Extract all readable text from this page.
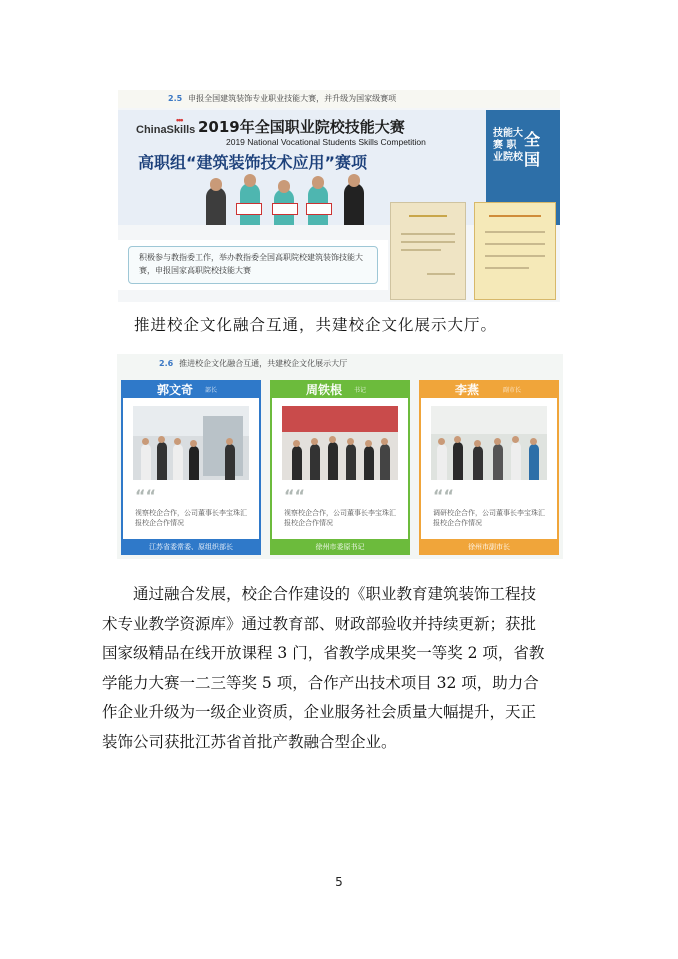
2.5 申报全国建筑装饰专业职业技能大赛，并升级为国家级赛项
•••
ChinaSkills 2019年全国职业院校技能大赛
2019 National Vocational Students Skills Competition
高职组“建筑装饰技术应用”赛项
技能大赛 职业院校
全国
积极参与教指委工作，举办教指委全国高职院校建筑装饰技能大赛，申报国家高职院校技能大赛
推进校企文化融合互通，共建校企文化展示大厅。
2.6 推进校企文化融合互通，共建校企文化展示大厅
郭文奇 部长
““
视察校企合作，公司董事长李宝珠汇报校企合作情况
江苏省委常委、原组织部长
周铁根 书记
““
视察校企合作，公司董事长李宝珠汇报校企合作情况
徐州市委原书记
李燕	副市长
““
调研校企合作，公司董事长李宝珠汇报校企合作情况
徐州市副市长
通过融合发展，校企合作建设的《职业教育建筑装饰工程技
术专业教学资源库》通过教育部、财政部验收并持续更新；获批
国家级精品在线开放课程 3 门，省教学成果奖一等奖 2 项，省教
学能力大赛一二三等奖 5 项，合作产出技术项目 32 项，助力合
作企业升级为一级企业资质，企业服务社会质量大幅提升，天正
装饰公司获批江苏省首批产教融合型企业。
5
